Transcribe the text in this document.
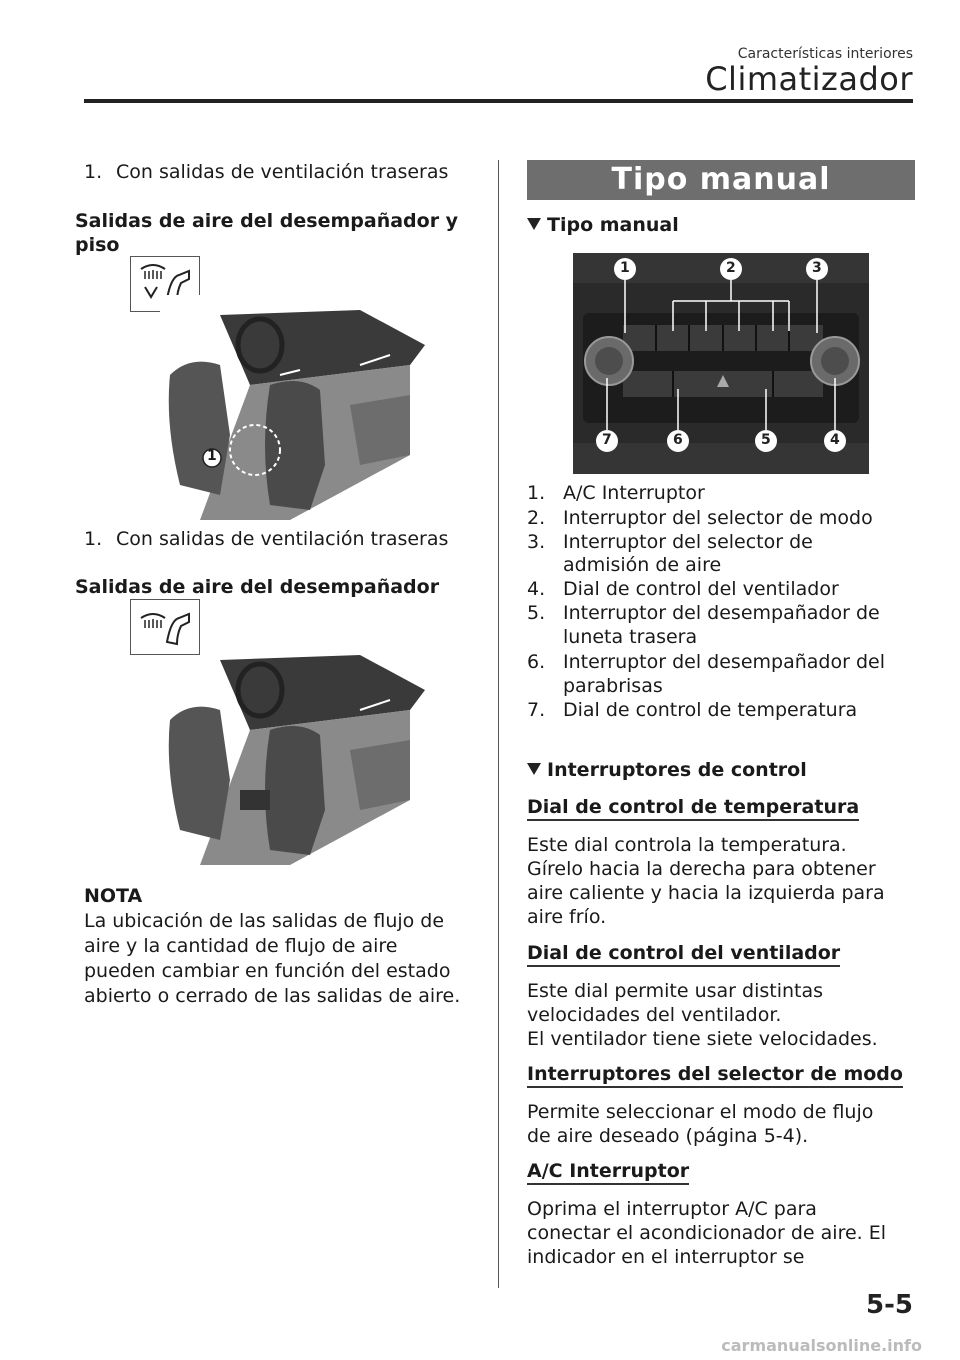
Características interiores
Climatizador
1. Con salidas de ventilación traseras
Salidas de aire del desempañador y piso
1
1. Con salidas de ventilación traseras
Salidas de aire del desempañador
NOTA
La ubicación de las salidas de flujo de
aire y la cantidad de flujo de aire
pueden cambiar en función del estado
abierto o cerrado de las salidas de aire.
Tipo manual
Tipo manual
1	2	3
4
5
6
7
1. A/C Interruptor
2. Interruptor del selector de modo
3. Interruptor del selector de
admisión de aire
4. Dial de control del ventilador
5. Interruptor del desempañador de
luneta trasera
6. Interruptor del desempañador del
parabrisas
7. Dial de control de temperatura
Interruptores de control
Dial de control de temperatura
Este dial controla la temperatura.
Gírelo hacia la derecha para obtener
aire caliente y hacia la izquierda para
aire frío.
Dial de control del ventilador
Este dial permite usar distintas
velocidades del ventilador.
El ventilador tiene siete velocidades.
Interruptores del selector de modo
Permite seleccionar el modo de flujo
de aire deseado (página 5-4).
A/C Interruptor
Oprima el interruptor A/C para
conectar el acondicionador de aire. El
indicador en el interruptor se
5-5
carmanualsonline.info
